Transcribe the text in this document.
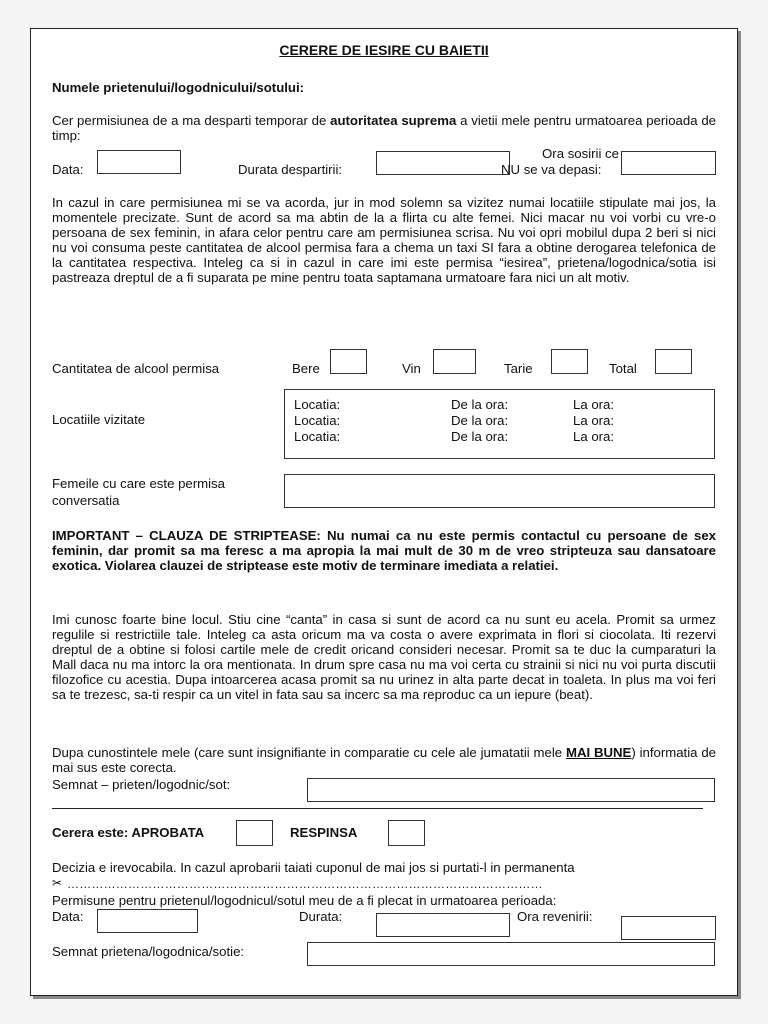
CERERE DE IESIRE CU BAIETII
Numele prietenului/logodnicului/sotului:
Cer permisiunea de a ma desparti temporar de autoritatea suprema a vietii mele pentru urmatoarea perioada de timp:
Data:	Durata despartirii:
Ora sosirii ce
NU se va depasi:
In cazul in care permisiunea mi se va acorda, jur in mod solemn sa vizitez numai locatiile stipulate mai jos, la momentele precizate. Sunt de acord sa ma abtin de la a flirta cu alte femei. Nici macar nu voi vorbi cu vre-o persoana de sex feminin, in afara celor pentru care am permisiunea scrisa. Nu voi opri mobilul dupa 2 beri si nici nu voi consuma peste cantitatea de alcool permisa fara a chema un taxi SI fara a obtine derogarea telefonica de la cantitatea respectiva. Inteleg ca si in cazul in care imi este permisa “iesirea”, prietena/logodnica/sotia isi pastreaza dreptul de a fi suparata pe mine pentru toata saptamana urmatoare fara nici un alt motiv.
Cantitatea de alcool permisa	Bere	Vin	Tarie	Total
Locatiile vizitate
Locatia:	De la ora:	La ora:
Locatia:	De la ora:	La ora:
Locatia:	De la ora:	La ora:
Femeile cu care este permisa
conversatia
IMPORTANT – CLAUZA DE STRIPTEASE: Nu numai ca nu este permis contactul cu persoane de sex feminin, dar promit sa ma feresc a ma apropia la mai mult de 30 m de vreo stripteuza sau dansatoare exotica. Violarea clauzei de striptease este motiv de terminare imediata a relatiei.
Imi cunosc foarte bine locul. Stiu cine “canta” in casa si sunt de acord ca nu sunt eu acela. Promit sa urmez regulile si restrictiile tale. Inteleg ca asta oricum ma va costa o avere exprimata in flori si ciocolata. Iti rezervi dreptul de a obtine si folosi cartile mele de credit oricand consideri necesar. Promit sa te duc la cumparaturi la Mall daca nu ma intorc la ora mentionata. In drum spre casa nu ma voi certa cu strainii si nici nu voi purta discutii filozofice cu acestia. Dupa intoarcerea acasa promit sa nu urinez in alta parte decat in toaleta. In plus ma voi feri sa te trezesc, sa-ti respir ca un vitel in fata sau sa incerc sa ma reproduc ca un iepure (beat).
Dupa cunostintele mele (care sunt insignifiante in comparatie cu cele ale jumatatii mele MAI BUNE) informatia de mai sus este corecta.
Semnat – prieten/logodnic/sot:
Cerera este: APROBATA	RESPINSA
Decizia e irevocabila. In cazul aprobarii taiati cuponul de mai jos si purtati-l in permanenta
✂ ………………………………………………………………………………………………………
Permisune pentru prietenul/logodnicul/sotul meu de a fi plecat in urmatoarea perioada:
Data:	Durata:	Ora revenirii:
Semnat prietena/logodnica/sotie:
